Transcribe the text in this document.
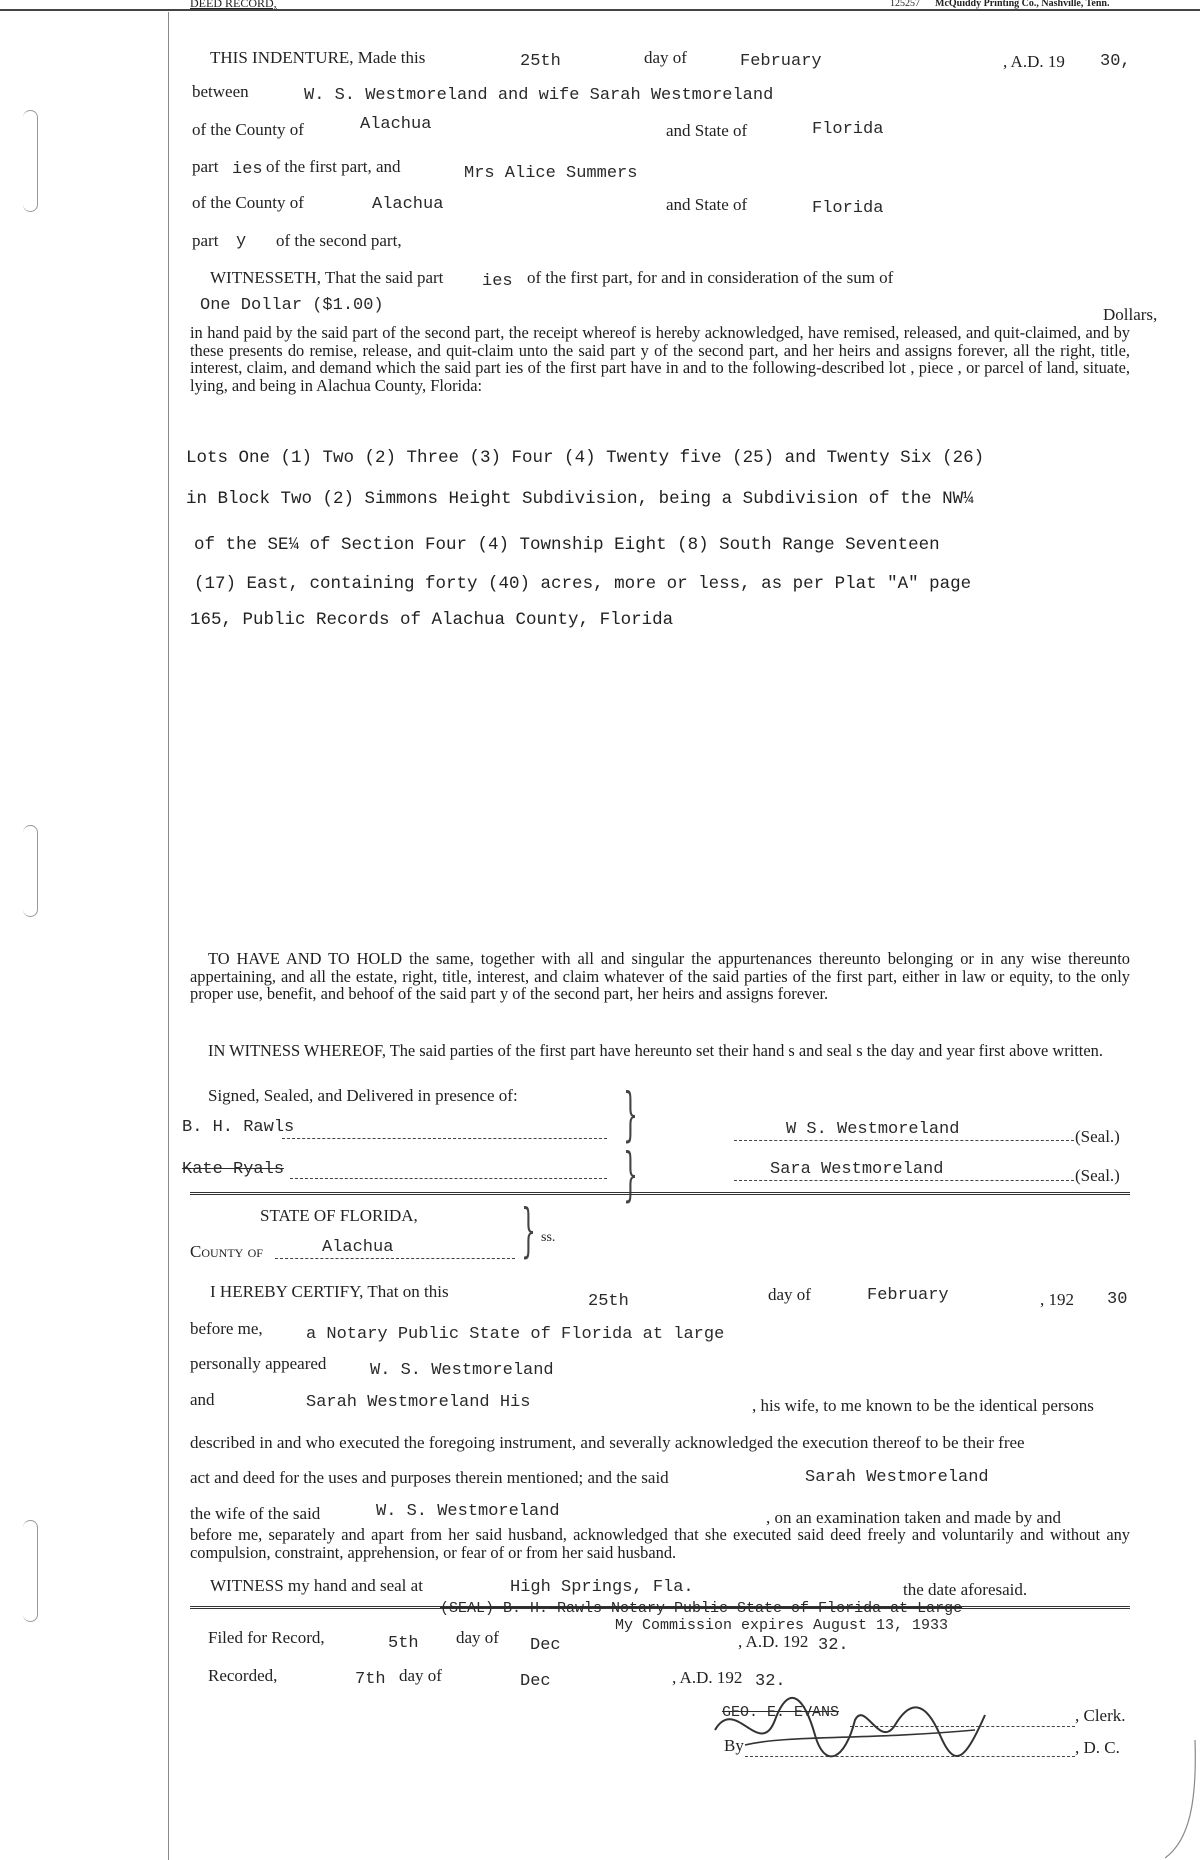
DEED RECORD,	125257 McQuiddy Printing Co., Nashville, Tenn.
THIS INDENTURE, Made this	25th	day of	February	, A.D. 19 30,
between	W. S. Westmoreland and wife Sarah Westmoreland
of the County of	Alachua	and State of	Florida
part ies of the first part, and	Mrs Alice Summers
of the County of	Alachua	and State of	Florida
part y of the second part,
WITNESSETH, That the said part ies of the first part, for and in consideration of the sum of
One Dollar ($1.00)	Dollars,
in hand paid by the said part of the second part, the receipt whereof is hereby acknowledged, have remised, released, and quit-claimed, and by these presents do remise, release, and quit-claim unto the said part y of the second part, and her heirs and assigns forever, all the right, title, interest, claim, and demand which the said part ies of the first part have in and to the following-described lot , piece , or parcel of land, situate, lying, and being in Alachua County, Florida:
Lots One (1) Two (2) Three (3) Four (4) Twenty five (25) and Twenty Six (26)
in Block Two (2) Simmons Height Subdivision, being a Subdivision of the NW¼
of the SE¼ of Section Four (4) Township Eight (8) South Range Seventeen
(17) East, containing forty (40) acres, more or less, as per Plat "A" page
165, Public Records of Alachua County, Florida
TO HAVE AND TO HOLD the same, together with all and singular the appurtenances thereunto belonging or in any wise thereunto appertaining, and all the estate, right, title, interest, and claim whatever of the said parties of the first part, either in law or equity, to the only proper use, benefit, and behoof of the said part y of the second part, her heirs and assigns forever.
IN WITNESS WHEREOF, The said parties of the first part have hereunto set their hand s and seal s the day and year first above written.
Signed, Sealed, and Delivered in presence of:
B. H. Rawls
Kate Ryals
}
}
W S. Westmoreland	(Seal.)
Sara Westmoreland	(Seal.)
STATE OF FLORIDA,
County of	Alachua } ss.
I HEREBY CERTIFY, That on this
25th	day of	February	, 192 30
before me,	a Notary Public State of Florida at large
personally appeared	W. S. Westmoreland
and	Sarah Westmoreland His	, his wife, to me known to be the identical persons
described in and who executed the foregoing instrument, and severally acknowledged the execution thereof to be their free
act and deed for the uses and purposes therein mentioned; and the said	Sarah Westmoreland
the wife of the said	W. S. Westmoreland	, on an examination taken and made by and
before me, separately and apart from her said husband, acknowledged that she executed said deed freely and voluntarily and without any compulsion, constraint, apprehension, or fear of or from her said husband.
WITNESS my hand and seal at	High Springs, Fla.	the date aforesaid.
(SEAL) B. H. Rawls Notary Public State of Florida at Large
My Commission expires August 13, 1933
Filed for Record,	5th day of Dec	, A.D. 192 32.
Recorded,	7th day of	Dec	, A.D. 192 32.
GEO. E. EVANS	, Clerk.
By	, D. C.
